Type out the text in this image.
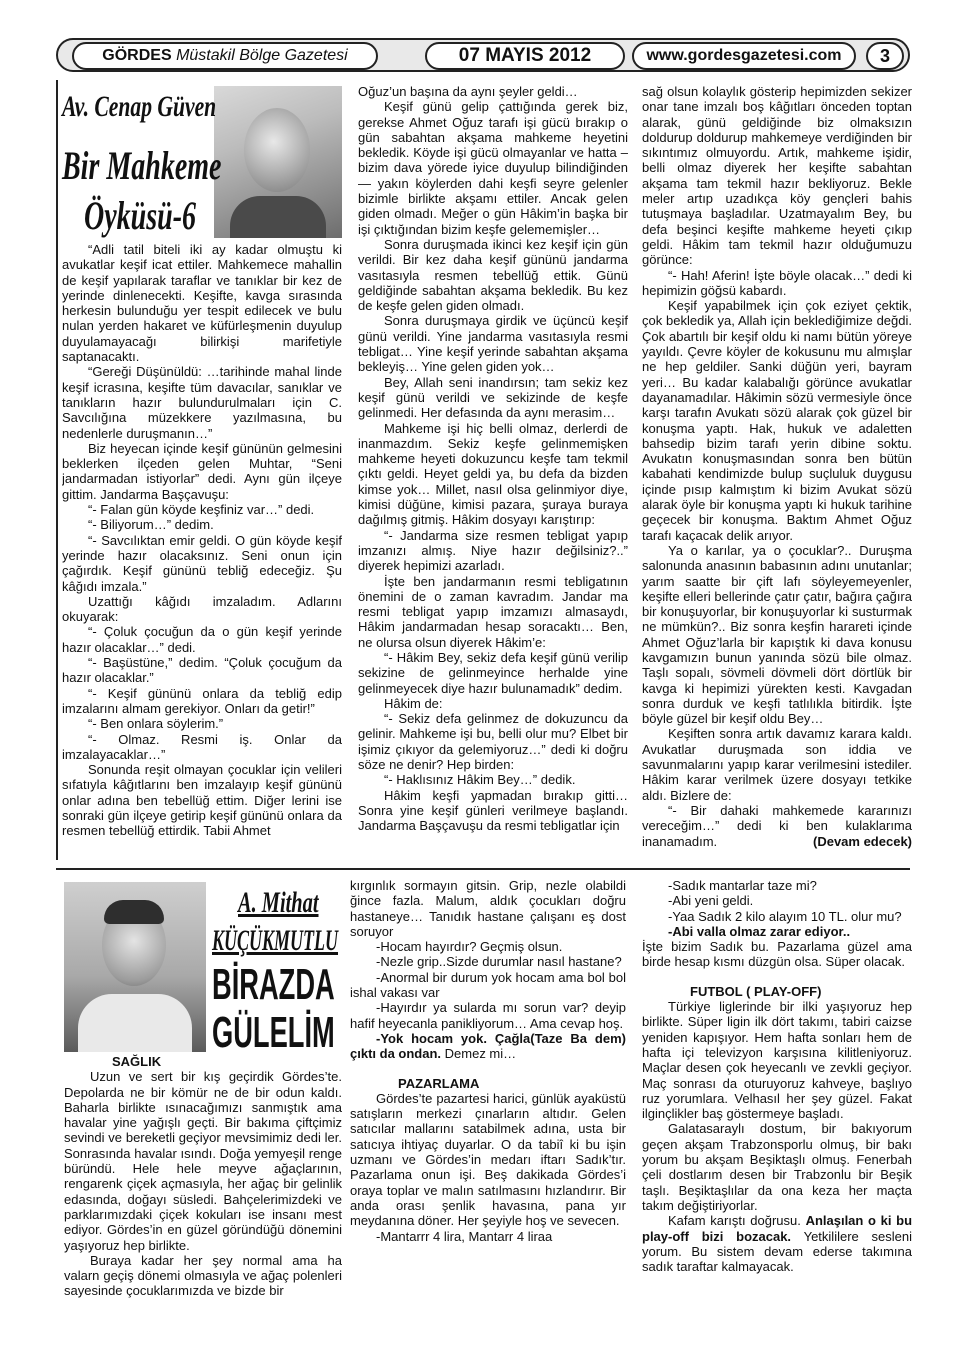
GÖRDES
Müstakil Bölge Gazetesi	07 MAYIS 2012	www.gordesgazetesi.com	3
Av. Cenap Güven
Bir Mahkeme
Öyküsü-6

“Adli tatil biteli iki ay kadar olmuştu ki avukatlar keşif icat ettiler. Mahkemece mahallin de keşif yapılarak taraflar ve tanıklar bir kez de yerinde dinlenecekti. Keşifte, kavga sırasında herkesin bulunduğu yer tespit edilecek ve bulu nulan yerden hakaret ve küfürleşmenin duyulup duyulamayacağı bilirkişi marifetiyle saptanacaktı.

“Gereği Düşünüldü: …tarihinde mahal linde keşif icrasına, keşifte tüm davacılar, sanıklar ve tanıkların hazır bulundurulmaları için C. Savcılığına müzekkere yazılmasına, bu nedenlerle duruşmanın…”

Biz heyecan içinde keşif gününün gelmesini beklerken ilçeden gelen Muhtar, “Seni jandarmadan istiyorlar” dedi. Aynı gün ilçeye gittim. Jandarma Başçavuşu:

“- Falan gün köyde keşfiniz var…” dedi.

“- Biliyorum…” dedim.

“- Savcılıktan emir geldi. O gün köyde keşif yerinde hazır olacaksınız. Seni onun için çağırdık. Keşif gününü tebliğ edeceğiz. Şu kâğıdı imzala.”

Uzattığı kâğıdı imzaladım. Adlarını okuyarak:

“- Çoluk çocuğun da o gün keşif yerinde hazır olacaklar…” dedi.

“- Başüstüne,” dedim. “Çoluk çocuğum da hazır olacaklar.”

“- Keşif gününü onlara da tebliğ edip imzalarını almam gerekiyor. Onları da getir!”

“- Ben onlara söylerim.”

“- Olmaz. Resmi iş. Onlar da imzalayacaklar…”

Sonunda reşit olmayan çocuklar için velileri sıfatıyla kâğıtlarını ben imzalayıp keşif gününü onlar adına ben tebellüğ ettim. Diğer lerini ise sonraki gün ilçeye getirip keşif gününü onlara da resmen tebellüğ ettirdik. Tabii Ahmet

Oğuz’un başına da aynı şeyler geldi…

Keşif günü gelip çattığında gerek biz, gerekse Ahmet Oğuz tarafı işi gücü bırakıp o gün sabahtan akşama mahkeme heyetini bekledik. Köyde işi gücü olmayanlar ve hatta –bizim dava yörede iyice duyulup bilindiğinden— yakın köylerden dahi keşfi seyre gelenler bizimle birlikte akşamı ettiler. Ancak gelen giden olmadı. Meğer o gün Hâkim’in başka bir işi çıktığından bizim keşfe gelememişler…

Sonra duruşmada ikinci kez keşif için gün verildi. Bir kez daha keşif gününü jandarma vasıtasıyla resmen tebellüğ ettik. Günü geldiğinde sabahtan akşama bekledik. Bu kez de keşfe gelen giden olmadı.

Sonra duruşmaya girdik ve üçüncü keşif günü verildi. Yine jandarma vasıtasıyla resmi tebligat… Yine keşif yerinde sabahtan akşama bekleyiş… Yine gelen giden yok…

Bey, Allah seni inandırsın; tam sekiz kez keşif günü verildi ve sekizinde de keşfe gelinmedi. Her defasında da aynı merasim…

Mahkeme işi hiç belli olmaz, derlerdi de inanmazdım. Sekiz keşfe gelinmemişken mahkeme heyeti dokuzuncu keşfe tam tekmil çıktı geldi. Heyet geldi ya, bu defa da bizden kimse yok… Millet, nasıl olsa gelinmiyor diye, kimisi düğüne, kimisi pazara, şuraya buraya dağılmış gitmiş. Hâkim dosyayı karıştırıp:

“- Jandarma size resmen tebligat yapıp imzanızı almış. Niye hazır değilsiniz?..” diyerek hepimizi azarladı.

İşte ben jandarmanın resmi tebligatının önemini de o zaman kavradım. Jandar ma resmi tebligat yapıp imzamızı almasaydı, Hâkim jandarmadan hesap soracaktı… Ben, ne olursa olsun diyerek Hâkim’e:

“- Hâkim Bey, sekiz defa keşif günü verilip sekizine de gelinmeyince herhalde yine gelinmeyecek diye hazır bulunamadık” dedim.

Hâkim de:

“- Sekiz defa gelinmez de dokuzuncu da gelinir. Mahkeme işi bu, belli olur mu? Elbet bir işimiz çıkıyor da gelemiyoruz…” dedi ki doğru söze ne denir? Hep birden:

“- Haklısınız Hâkim Bey…” dedik.

Hâkim keşfi yapmadan bırakıp gitti… Sonra yine keşif günleri verilmeye başlandı. Jandarma Başçavuşu da resmi tebligatlar için

sağ olsun kolaylık gösterip hepimizden sekizer onar tane imzalı boş kâğıtları önceden toptan alarak, günü geldiğinde biz olmaksızın doldurup doldurup mahkemeye verdiğinden bir sıkıntımız olmuyordu. Artık, mahkeme işidir, belli olmaz diyerek her keşifte sabahtan akşama tam tekmil hazır bekliyoruz. Bekle meler artıp uzadıkça köy gençleri bahis tutuşmaya başladılar. Uzatmayalım Bey, bu defa beşinci keşifte mahkeme heyeti çıkıp geldi. Hâkim tam tekmil hazır olduğumuzu görünce:

“- Hah! Aferin! İşte böyle olacak…” dedi ki hepimizin göğsü kabardı.

Keşif yapabilmek için çok eziyet çektik, çok bekledik ya, Allah için beklediğimize değdi. Çok abartılı bir keşif oldu ki namı bütün yöreye yayıldı. Çevre köyler de kokusunu mu almışlar ne hep geldiler. Sanki düğün yeri, bayram yeri… Bu kadar kalabalığı görünce avukatlar dayanamadılar. Hâkimin sözü vermesiyle önce karşı tarafın Avukatı sözü alarak çok güzel bir konuşma yaptı. Hak, hukuk ve adaletten bahsedip bizim tarafı yerin dibine soktu. Avukatın konuşmasından sonra ben bütün kabahati kendimizde bulup suçluluk duygusu içinde pısıp kalmıştım ki bizim Avukat sözü alarak öyle bir konuşma yaptı ki hukuk tarihine geçecek bir konuşma. Baktım Ahmet Oğuz tarafı kaçacak delik arıyor.

Ya o karılar, ya o çocuklar?.. Duruşma salonunda anasının babasının adını unutanlar; yarım saatte bir çift lafı söyleyemeyenler, keşifte elleri bellerinde çatır çatır, bağıra çağıra bir konuşuyorlar, bir konuşuyorlar ki susturmak ne mümkün?.. Biz sonra keşfin harareti içinde Ahmet Oğuz’larla bir kapıştık ki dava konusu kavgamızın bunun yanında sözü bile olmaz. Taşlı sopalı, sövmeli dövmeli dört dörtlük bir kavga ki hepimizi yürekten kesti. Kavgadan sonra durduk ve keşfi tatlılıkla bitirdik. İşte böyle güzel bir keşif oldu Bey…

Keşiften sonra artık davamız karara kaldı. Avukatlar duruşmada son iddia ve savunmalarını yapıp karar verilmesini istediler. Hâkim karar verilmek üzere dosyayı tetkike aldı. Bizlere de:

“- Bir dahaki mahkemede kararınızı vereceğim…” dedi ki ben kulaklarıma inanamadım.	(Devam edecek)

A. Mithat
KÜÇÜKMUTLU
BİRAZDA
GÜLELİM

SAĞLIK

Uzun ve sert bir kış geçirdik Gördes’te. Depolarda ne bir kömür ne de bir odun kaldı. Baharla birlikte ısınacağımızı sanmıştık ama havalar yine yağışlı geçti. Bir bakıma çiftçimiz sevindi ve bereketli geçiyor mevsimimiz dedi ler. Sonrasında havalar ısındı. Doğa yemyeşil renge büründü. Hele hele meyve ağaçlarının, rengarenk çiçek açmasıyla, her ağaç bir gelinlik edasında, doğayı süsledi. Bahçelerimizdeki ve parklarımızdaki çiçek kokuları ise insanı mest ediyor. Gördes’in en güzel göründüğü dönemini yaşıyoruz hep birlikte.

Buraya kadar her şey normal ama ha valarn geçiş dönemi olmasıyla ve ağaç polenleri sayesinde çocuklarımızda ve bizde bir

kırgınlık sormayın gitsin. Grip, nezle olabildi ğince fazla. Malum, aldık çocukları doğru hastaneye… Tanıdık hastane çalışanı eş dost soruyor

-Hocam hayırdır? Geçmiş olsun.

-Nezle grip..Sizde durumlar nasıl hastane?

-Anormal bir durum yok hocam ama bol bol ishal vakası var

-Hayırdır ya sularda mı sorun var? deyip hafif heyecanla panikliyorum… Ama cevap hoş.

-Yok hocam yok. Çağla(Taze Ba dem) çıktı da ondan. Demez mi…

PAZARLAMA

Gördes’te pazartesi harici, günlük ayaküstü satışların merkezi çınarların altıdır. Gelen satıcılar mallarını satabilmek adına, usta bir satıcıya ihtiyaç duyarlar. O da tabiî ki bu işin uzmanı ve Gördes’in medarı iftarı Sadık’tır. Pazarlama onun işi. Beş dakikada Gördes’i oraya toplar ve malın satılmasını hızlandırır. Bir anda orası şenlik havasına, pana yır meydanına döner. Her şeyiyle hoş ve sevecen.

-Mantarrr 4 lira, Mantarr 4 liraa

-Sadık mantarlar taze mi?

-Abi yeni geldi.

-Yaa Sadık 2 kilo alayım 10 TL. olur mu?

-Abi valla olmaz zarar ediyor..

İşte bizim Sadık bu. Pazarlama güzel ama birde hesap kısmı düzgün olsa. Süper olacak.

FUTBOL ( PLAY-OFF)

Türkiye liglerinde bir ilki yaşıyoruz hep birlikte. Süper ligin ilk dört takımı, tabiri caizse yeniden kapışıyor. Hem hafta sonları hem de hafta içi televizyon karşısına kilitleniyoruz. Maçlar desen çok heyecanlı ve zevkli geçiyor. Maç sonrası da oturuyoruz kahveye, başlıyo ruz yorumlara. Velhasıl her şey güzel. Fakat ilginçlikler baş göstermeye başladı.

Galatasaraylı dostum, bir bakıyorum geçen akşam Trabzonsporlu olmuş, bir bakı yorum bu akşam Beşiktaşlı olmuş. Fenerbah çeli dostlarım desen bir Trabzonlu bir Beşik taşlı. Beşiktaşlılar da ona keza her maçta takım değiştiriyorlar.

Kafam karıştı doğrusu. Anlaşılan o ki bu play-off bizi bozacak. Yetkililere sesleni yorum. Bu sistem devam ederse takımına sadık taraftar kalmayacak.
